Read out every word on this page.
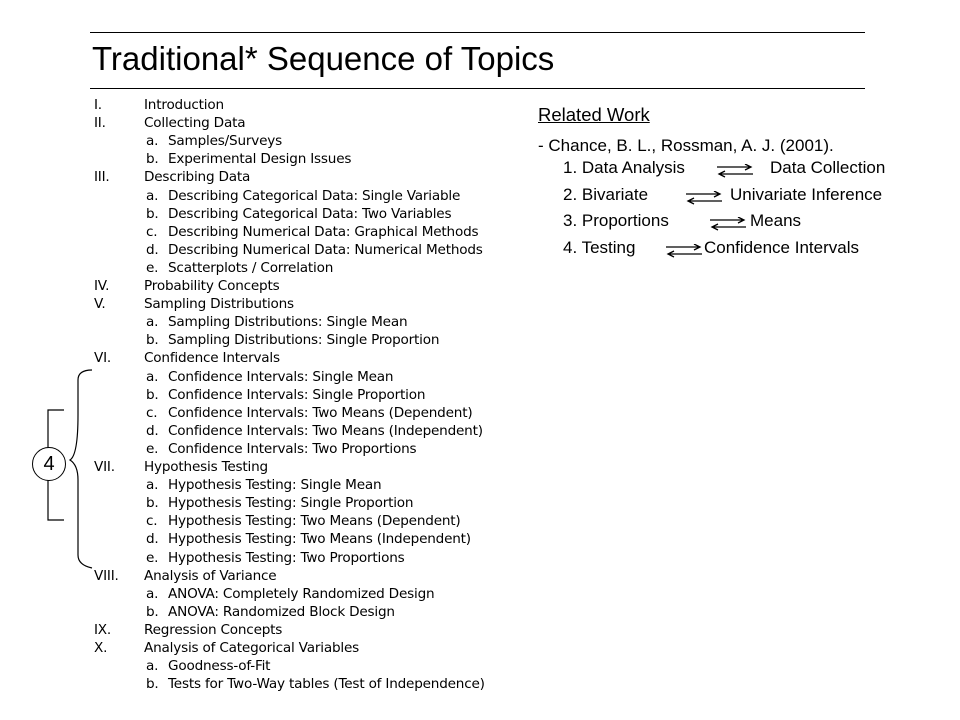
Traditional* Sequence of Topics
I.	Introduction
II.	Collecting Data
a. Samples/Surveys
b. Experimental Design Issues
III.	Describing Data
a. Describing Categorical Data: Single Variable
b. Describing Categorical Data: Two Variables
c. Describing Numerical Data: Graphical Methods
d. Describing Numerical Data: Numerical Methods
e. Scatterplots / Correlation
IV.	Probability Concepts
V.	Sampling Distributions
a. Sampling Distributions: Single Mean
b. Sampling Distributions: Single Proportion
VI. Confidence Intervals
a. Confidence Intervals: Single Mean
b. Confidence Intervals: Single Proportion
c. Confidence Intervals: Two Means (Dependent)
d. Confidence Intervals: Two Means (Independent)
e. Confidence Intervals: Two Proportions
VII. Hypothesis Testing
a. Hypothesis Testing: Single Mean
b. Hypothesis Testing: Single Proportion
c. Hypothesis Testing: Two Means (Dependent)
d. Hypothesis Testing: Two Means (Independent)
e. Hypothesis Testing: Two Proportions
VIII. Analysis of Variance
a. ANOVA: Completely Randomized Design
b. ANOVA: Randomized Block Design
IX. Regression Concepts
X.	Analysis of Categorical Variables
a. Goodness-of-Fit
b. Tests for Two-Way tables (Test of Independence)
4
Related Work
- Chance, B. L., Rossman, A. J. (2001).
1. Data Analysis	Data Collection
2. Bivariate	Univariate Inference
3. Proportions	Means
4. Testing	Confidence Intervals
